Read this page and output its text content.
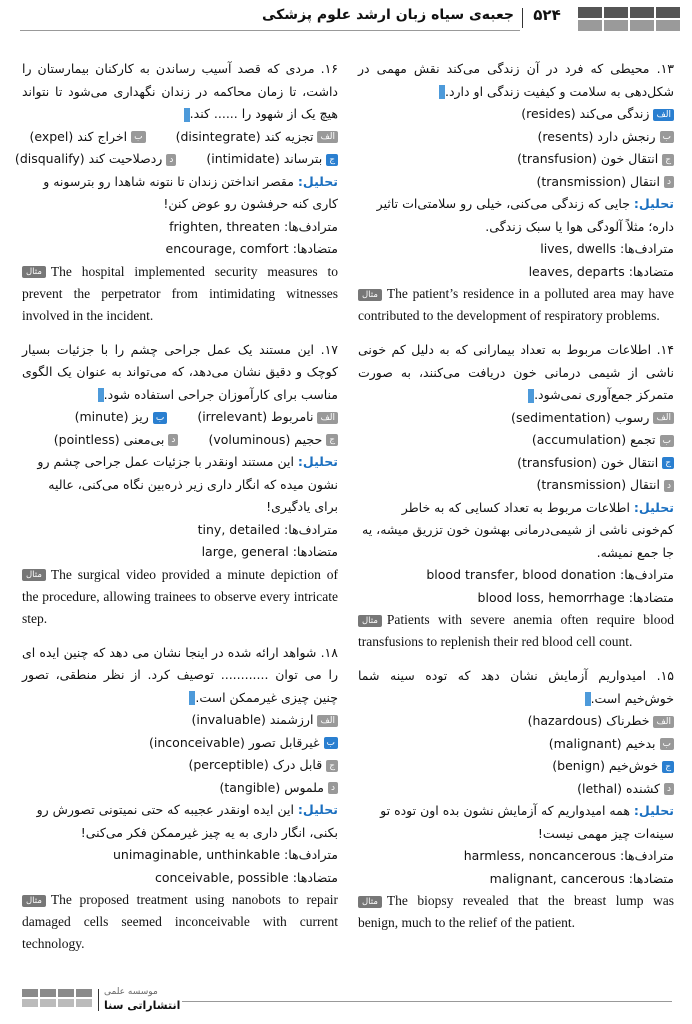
۵۲۴
جعبه‌ی سیاه زبان ارشد علوم پزشکی
۱۳. محیطی که فرد در آن زندگی می‌کند نقش مهمی در شکل‌دهی به سلامت و کیفیت زندگی او دارد.
الفزندگی می‌کند (resides)
برنجش دارد (resents)
جانتقال خون (transfusion)
دانتقال (transmission)
تحلیل: جایی که زندگی می‌کنی، خیلی رو سلامتی‌ات تاثیر داره؛ مثلاً آلودگی هوا یا سبک زندگی.
مترادف‌ها: lives, dwells
متضادها: leaves, departs
مثال The patient’s residence in a polluted area may have contributed to the development of respiratory problems.
۱۴. اطلاعات مربوط به تعداد بیمارانی که به دلیل کم خونی ناشی از شیمی درمانی خون دریافت می‌کنند، به صورت متمرکز جمع‌آوری نمی‌شود.
الفرسوب (sedimentation)
بتجمع (accumulation)
جانتقال خون (transfusion)
دانتقال (transmission)
تحلیل: اطلاعات مربوط به تعداد کسایی که به خاطر کم‌خونی ناشی از شیمی‌درمانی بهشون خون تزریق میشه، یه جا جمع نمیشه.
مترادف‌ها: blood transfer, blood donation
متضادها: blood loss, hemorrhage
مثال Patients with severe anemia often require blood transfusions to replenish their red blood cell count.
۱۵. امیدواریم آزمایش نشان دهد که توده سینه شما خوش‌خیم است.
الفخطرناک (hazardous)
ببدخیم (malignant)
جخوش‌خیم (benign)
دکشنده (lethal)
تحلیل: همه امیدواریم که آزمایش نشون بده اون توده تو سینه‌ات چیز مهمی نیست!
مترادف‌ها: harmless, noncancerous
متضادها: malignant, cancerous
مثال The biopsy revealed that the breast lump was benign, much to the relief of the patient.
۱۶. مردی که قصد آسیب رساندن به کارکنان بیمارستان را داشت، تا زمان محاکمه در زندان نگهداری می‌شود تا نتواند هیچ یک از شهود را ...... کند.
الفتجزیه کند (disintegrate)
باخراج کند (expel)
جبترساند (intimidate)
دردصلاحیت کند (disqualify)
تحلیل: مقصر انداختن زندان تا نتونه شاهدا رو بترسونه و کاری کنه حرفشون رو عوض کنن!
مترادف‌ها: frighten, threaten
متضادها: encourage, comfort
مثال The hospital implemented security measures to prevent the perpetrator from intimidating witnesses involved in the incident.
۱۷. این مستند یک عمل جراحی چشم را با جزئیات بسیار کوچک و دقیق نشان می‌دهد، که می‌تواند به عنوان یک الگوی مناسب برای کارآموزان جراحی استفاده شود.
الفنامربوط (irrelevant)
بریز (minute)
جحجیم (voluminous)
دبی‌معنی (pointless)
تحلیل: این مستند اونقدر با جزئیات عمل جراحی چشم رو نشون میده که انگار داری زیر ذره‌بین نگاه می‌کنی، عالیه برای یادگیری!
مترادف‌ها: tiny, detailed
متضادها: large, general
مثال The surgical video provided a minute depiction of the procedure, allowing trainees to observe every intricate step.
۱۸. شواهد ارائه شده در اینجا نشان می دهد که چنین ایده ای را می توان ............ توصیف کرد. از نظر منطقی، تصور چنین چیزی غیرممکن است.
الفارزشمند (invaluable)
بغیرقابل تصور (inconceivable)
جقابل درک (perceptible)
دملموس (tangible)
تحلیل: این ایده اونقدر عجیبه که حتی نمیتونی تصورش رو بکنی، انگار داری به یه چیز غیرممکن فکر می‌کنی!
مترادف‌ها: unimaginable, unthinkable
متضادها: conceivable, possible
مثال The proposed treatment using nanobots to repair damaged cells seemed inconceivable with current technology.
موسسه علمی
انتشاراتی سنا
